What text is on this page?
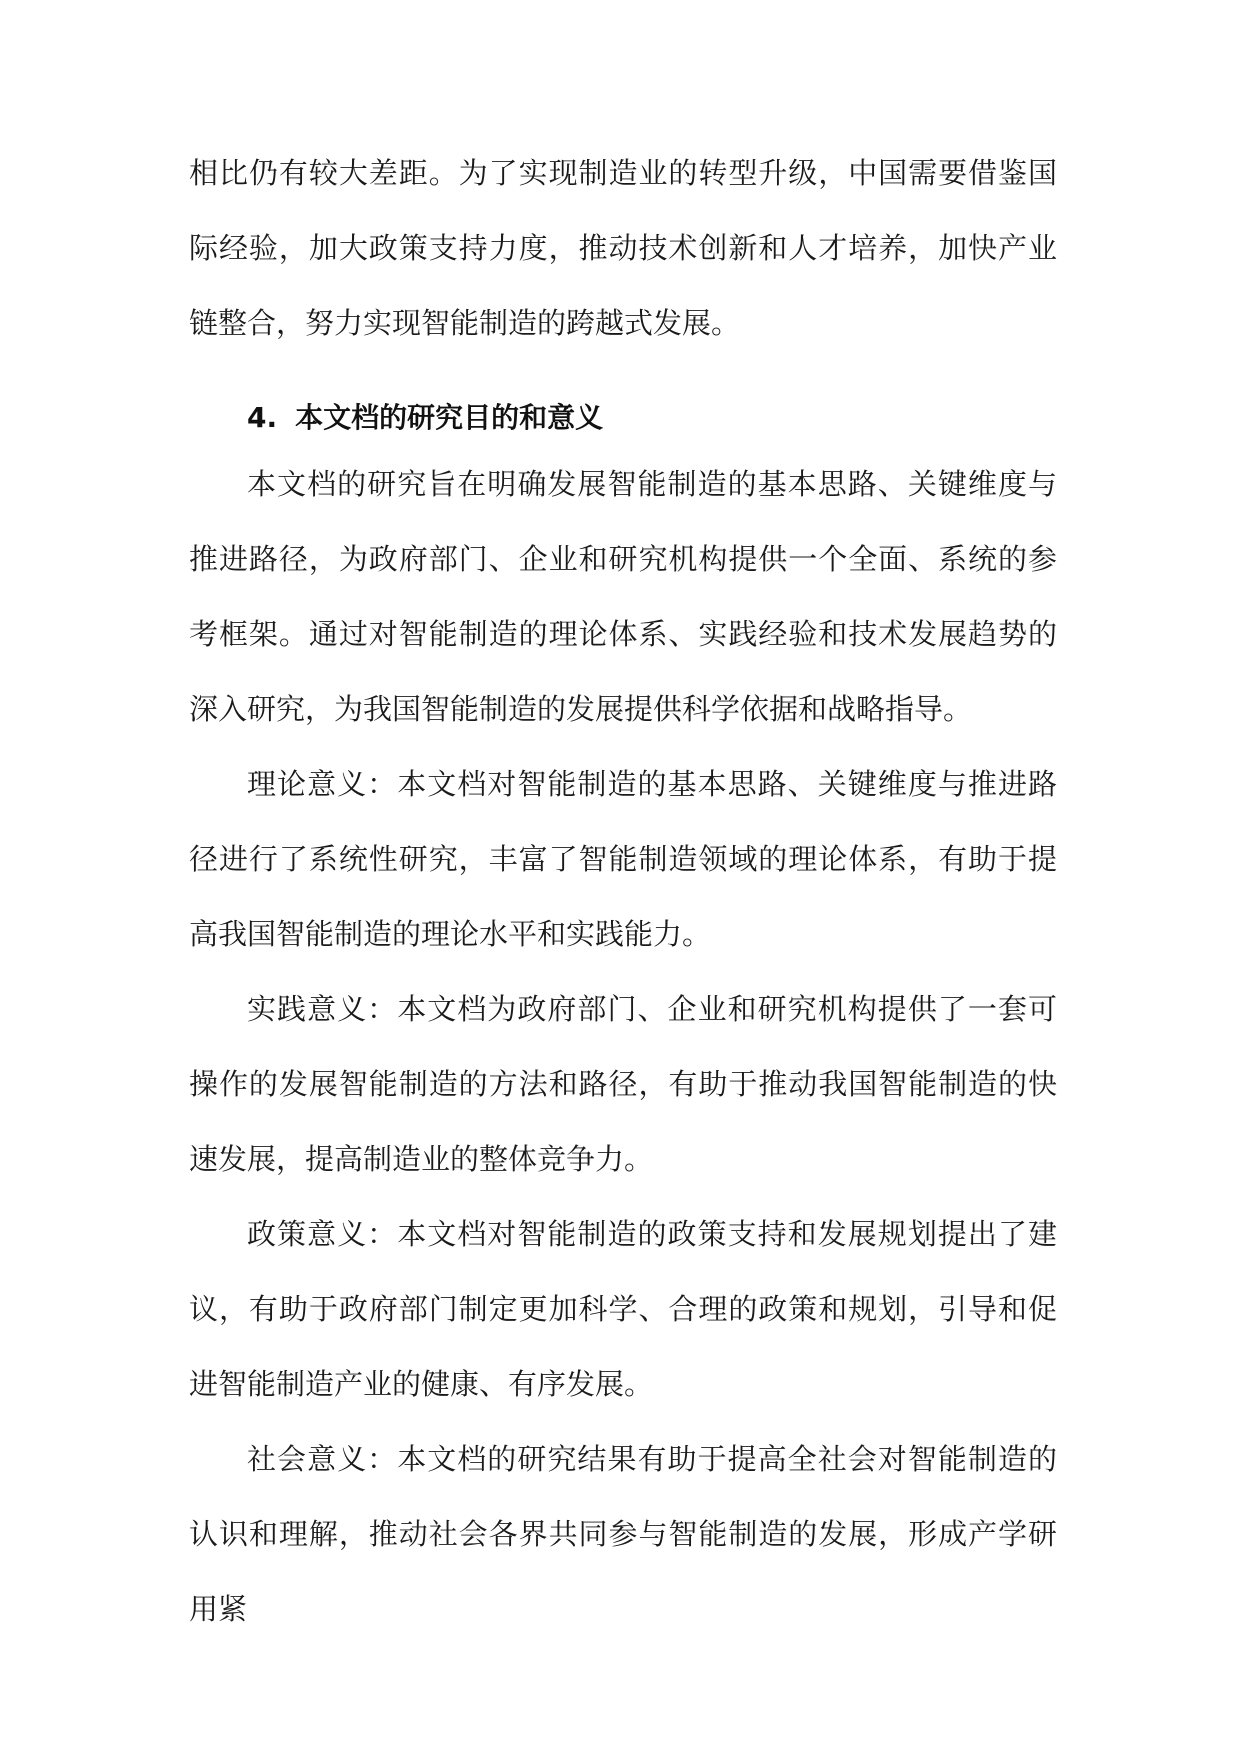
相比仍有较大差距。为了实现制造业的转型升级，中国需要借鉴国际经验，加大政策支持力度，推动技术创新和人才培养，加快产业链整合，努力实现智能制造的跨越式发展。

4. 本文档的研究目的和意义

本文档的研究旨在明确发展智能制造的基本思路、关键维度与推进路径，为政府部门、企业和研究机构提供一个全面、系统的参考框架。通过对智能制造的理论体系、实践经验和技术发展趋势的深入研究，为我国智能制造的发展提供科学依据和战略指导。

理论意义：本文档对智能制造的基本思路、关键维度与推进路径进行了系统性研究，丰富了智能制造领域的理论体系，有助于提高我国智能制造的理论水平和实践能力。

实践意义：本文档为政府部门、企业和研究机构提供了一套可操作的发展智能制造的方法和路径，有助于推动我国智能制造的快速发展，提高制造业的整体竞争力。

政策意义：本文档对智能制造的政策支持和发展规划提出了建议，有助于政府部门制定更加科学、合理的政策和规划，引导和促进智能制造产业的健康、有序发展。

社会意义：本文档的研究结果有助于提高全社会对智能制造的认识和理解，推动社会各界共同参与智能制造的发展，形成产学研用紧
